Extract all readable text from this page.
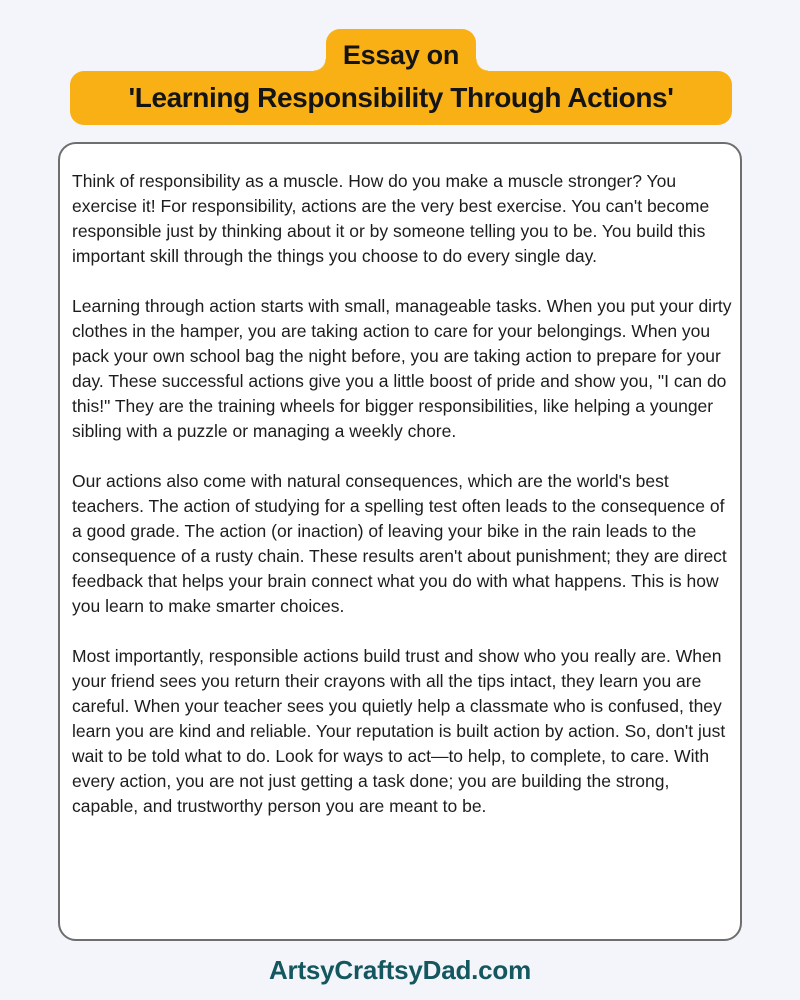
Essay on
'Learning Responsibility Through Actions'

Think of responsibility as a muscle. How do you make a muscle stronger? You exercise it! For responsibility, actions are the very best exercise. You can't become responsible just by thinking about it or by someone telling you to be. You build this important skill through the things you choose to do every single day.

Learning through action starts with small, manageable tasks. When you put your dirty clothes in the hamper, you are taking action to care for your belongings. When you pack your own school bag the night before, you are taking action to prepare for your day. These successful actions give you a little boost of pride and show you, "I can do this!" They are the training wheels for bigger responsibilities, like helping a younger sibling with a puzzle or managing a weekly chore.

Our actions also come with natural consequences, which are the world's best teachers. The action of studying for a spelling test often leads to the consequence of a good grade. The action (or inaction) of leaving your bike in the rain leads to the consequence of a rusty chain. These results aren't about punishment; they are direct feedback that helps your brain connect what you do with what happens. This is how you learn to make smarter choices.

Most importantly, responsible actions build trust and show who you really are. When your friend sees you return their crayons with all the tips intact, they learn you are careful. When your teacher sees you quietly help a classmate who is confused, they learn you are kind and reliable. Your reputation is built action by action. So, don't just wait to be told what to do. Look for ways to act—to help, to complete, to care. With every action, you are not just getting a task done; you are building the strong, capable, and trustworthy person you are meant to be.

ArtsyCraftsyDad.com
